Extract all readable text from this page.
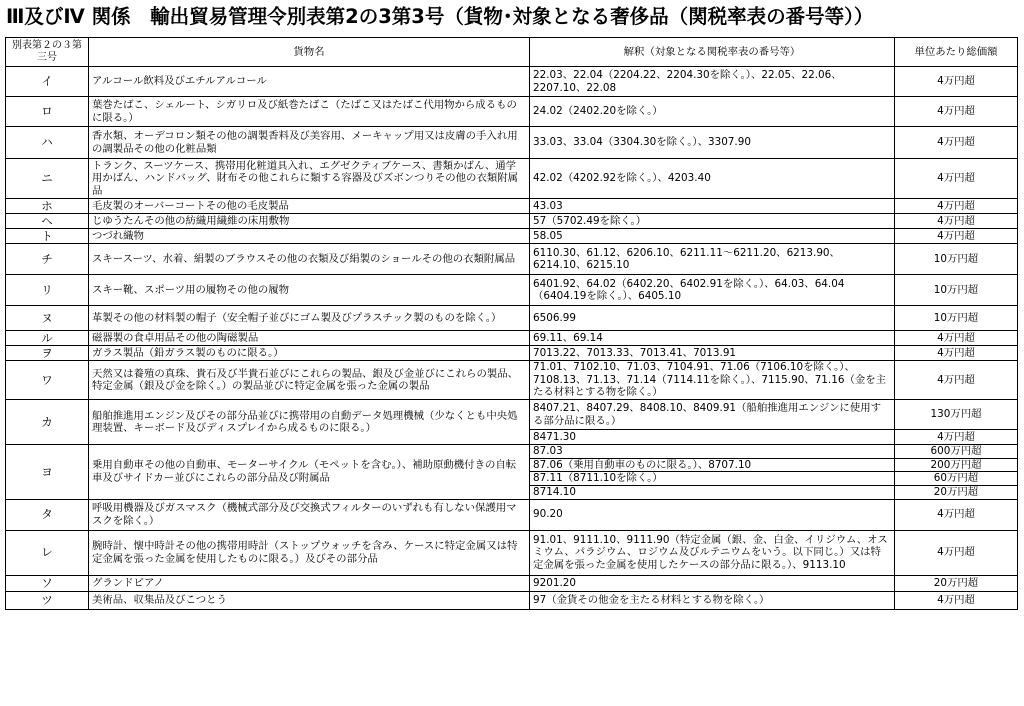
Ⅲ及びⅣ 関係　輸出貿易管理令別表第2の3第3号（貨物･対象となる奢侈品（関税率表の番号等））
別表第２の３第三号	貨物名	解釈（対象となる関税率表の番号等）	単位あたり総価額
イ	アルコール飲料及びエチルアルコール	22.03、22.04（2204.22、2204.30を除く。）、22.05、22.06、2207.10、22.08	4万円超
ロ	葉巻たばこ、シェルート、シガリロ及び紙巻たばこ（たばこ又はたばこ代用物から成るものに限る。）	24.02（2402.20を除く。）	4万円超
ハ	香水類、オーデコロン類その他の調製香料及び美容用、メーキャップ用又は皮膚の手入れ用の調製品その他の化粧品類	33.03、33.04（3304.30を除く。）、3307.90	4万円超
ニ	トランク、スーツケース、携帯用化粧道具入れ、エグゼクティブケース、書類かばん、通学用かばん、ハンドバッグ、財布その他これらに類する容器及びズボンつりその他の衣類附属品	42.02（4202.92を除く。）、4203.40	4万円超
ホ	毛皮製のオーバーコートその他の毛皮製品	43.03	4万円超
ヘ	じゆうたんその他の紡織用繊維の床用敷物	57（5702.49を除く。）	4万円超
ト	つづれ織物	58.05	4万円超
チ	スキースーツ、水着、絹製のブラウスその他の衣類及び絹製のショールその他の衣類附属品	6110.30、61.12、6206.10、6211.11～6211.20、6213.90、6214.10、6215.10	10万円超
リ	スキー靴、スポーツ用の履物その他の履物	6401.92、64.02（6402.20、6402.91を除く。）、64.03、64.04（6404.19を除く。）、6405.10	10万円超
ヌ	革製その他の材料製の帽子（安全帽子並びにゴム製及びプラスチック製のものを除く。）	6506.99	10万円超
ル	磁器製の食卓用品その他の陶磁製品	69.11、69.14	4万円超
ヲ	ガラス製品（鉛ガラス製のものに限る。）	7013.22、7013.33、7013.41、7013.91	4万円超
ワ	天然又は養殖の真珠、貴石及び半貴石並びにこれらの製品、銀及び金並びにこれらの製品、特定金属（銀及び金を除く。）の製品並びに特定金属を張った金属の製品	71.01、7102.10、71.03、7104.91、71.06（7106.10を除く。）、7108.13、71.13、71.14（7114.11を除く。）、7115.90、71.16（金を主たる材料とする物を除く。）	4万円超
カ	船舶推進用エンジン及びその部分品並びに携帯用の自動データ処理機械（少なくとも中央処理装置、キーボード及びディスプレイから成るものに限る。）	8407.21、8407.29、8408.10、8409.91（船舶推進用エンジンに使用する部分品に限る。）	130万円超
		8471.30	4万円超
ヨ	乗用自動車その他の自動車、モーターサイクル（モペットを含む。）、補助原動機付きの自転車及びサイドカー並びにこれらの部分品及び附属品	87.03	600万円超
		87.06（乗用自動車のものに限る。）、8707.10	200万円超
		87.11（8711.10を除く。）	60万円超
		8714.10	20万円超
タ	呼吸用機器及びガスマスク（機械式部分及び交換式フィルターのいずれも有しない保護用マスクを除く。）	90.20	4万円超
レ	腕時計、懐中時計その他の携帯用時計（ストップウォッチを含み、ケースに特定金属又は特定金属を張った金属を使用したものに限る。）及びその部分品	91.01、9111.10、9111.90（特定金属（銀、金、白金、イリジウム、オスミウム、パラジウム、ロジウム及びルテニウムをいう。以下同じ。）又は特定金属を張った金属を使用したケースの部分品に限る。）、9113.10	4万円超
ソ	グランドピアノ	9201.20	20万円超
ツ	美術品、収集品及びこつとう	97（金貨その他金を主たる材料とする物を除く。）	4万円超
